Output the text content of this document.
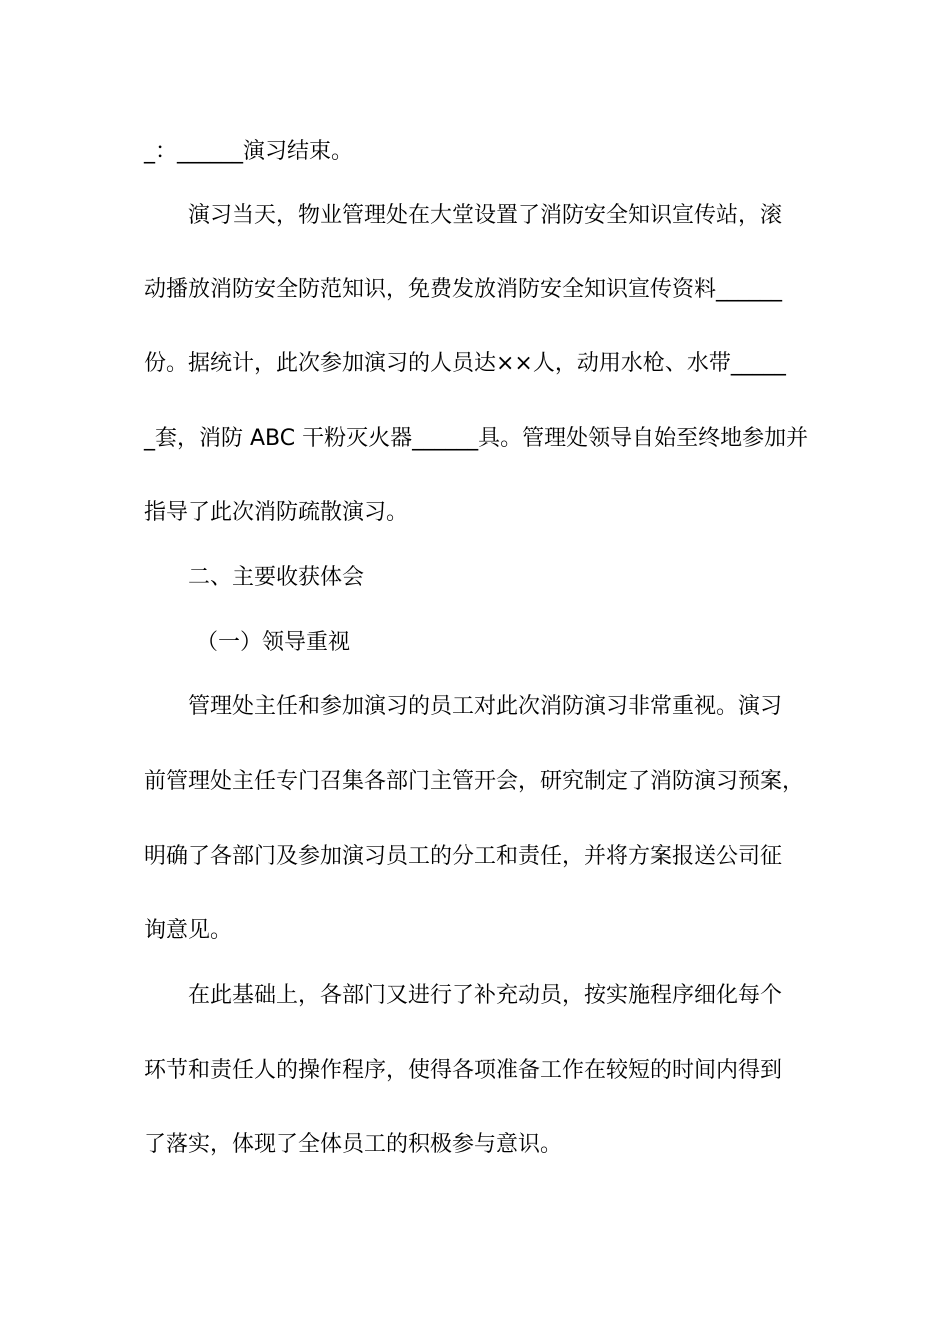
_：______演习结束。
演习当天，物业管理处在大堂设置了消防安全知识宣传站，滚
动播放消防安全防范知识，免费发放消防安全知识宣传资料______
份。据统计，此次参加演习的人员达××人，动用水枪、水带_____
_套，消防 ABC 干粉灭火器______具。管理处领导自始至终地参加并
指导了此次消防疏散演习。
二、主要收获体会
（一）领导重视
管理处主任和参加演习的员工对此次消防演习非常重视。演习
前管理处主任专门召集各部门主管开会，研究制定了消防演习预案，
明确了各部门及参加演习员工的分工和责任，并将方案报送公司征
询意见。
在此基础上，各部门又进行了补充动员，按实施程序细化每个
环节和责任人的操作程序，使得各项准备工作在较短的时间内得到
了落实，体现了全体员工的积极参与意识。
